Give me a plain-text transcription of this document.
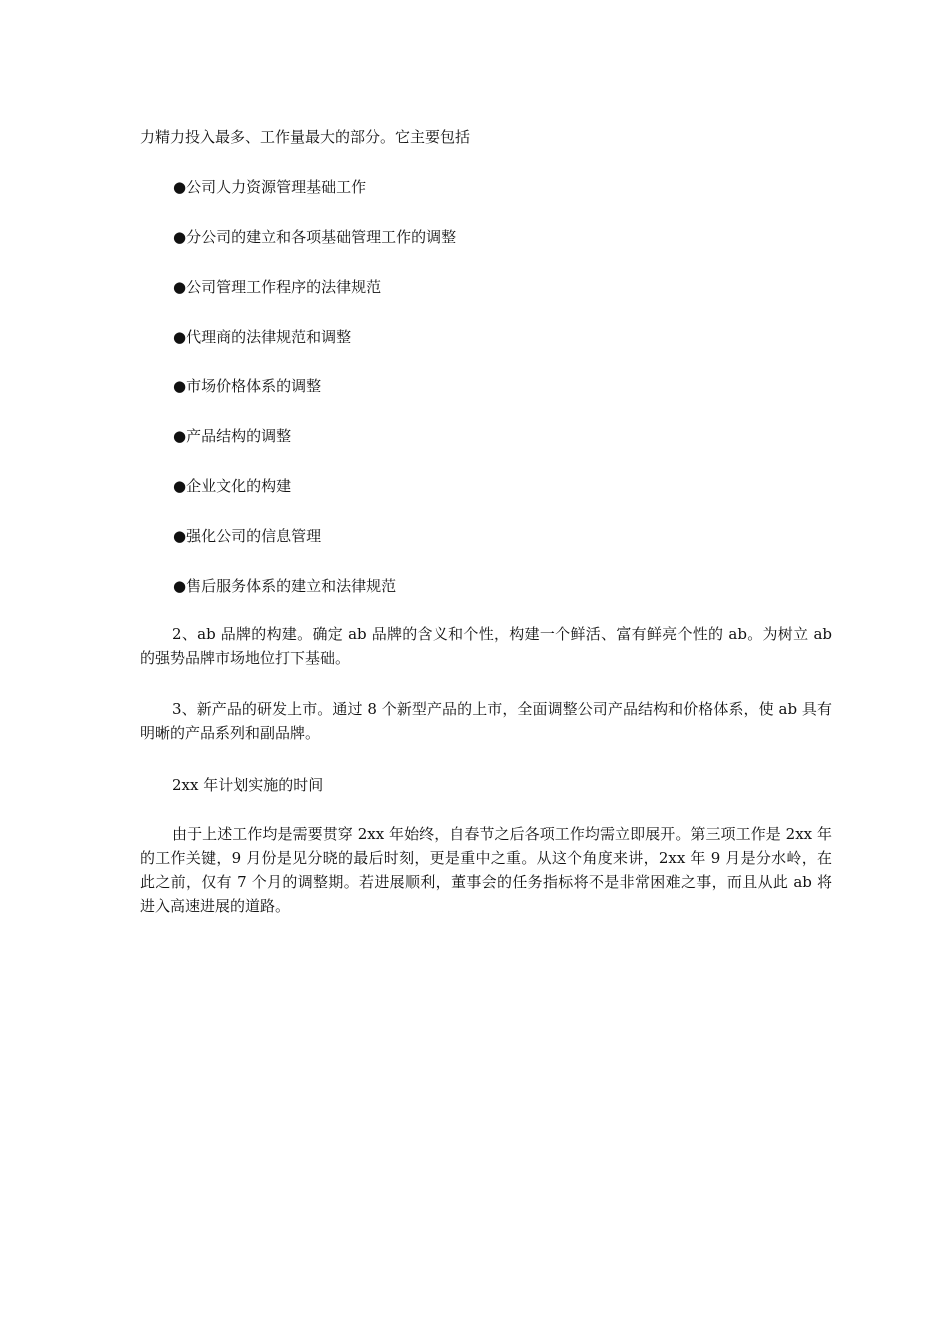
力精力投入最多、工作量最大的部分。它主要包括
●公司人力资源管理基础工作
●分公司的建立和各项基础管理工作的调整
●公司管理工作程序的法律规范
●代理商的法律规范和调整
●市场价格体系的调整
●产品结构的调整
●企业文化的构建
●强化公司的信息管理
●售后服务体系的建立和法律规范
2、ab 品牌的构建。确定 ab 品牌的含义和个性，构建一个鲜活、富有鲜亮个性的 ab。为树立 ab 的强势品牌市场地位打下基础。
3、新产品的研发上市。通过 8 个新型产品的上市，全面调整公司产品结构和价格体系，使 ab 具有明晰的产品系列和副品牌。
2xx 年计划实施的时间
由于上述工作均是需要贯穿 2xx 年始终，自春节之后各项工作均需立即展开。第三项工作是 2xx 年的工作关键，9 月份是见分晓的最后时刻，更是重中之重。从这个角度来讲，2xx 年 9 月是分水岭，在此之前，仅有 7 个月的调整期。若进展顺利，董事会的任务指标将不是非常困难之事，而且从此 ab 将进入高速进展的道路。
